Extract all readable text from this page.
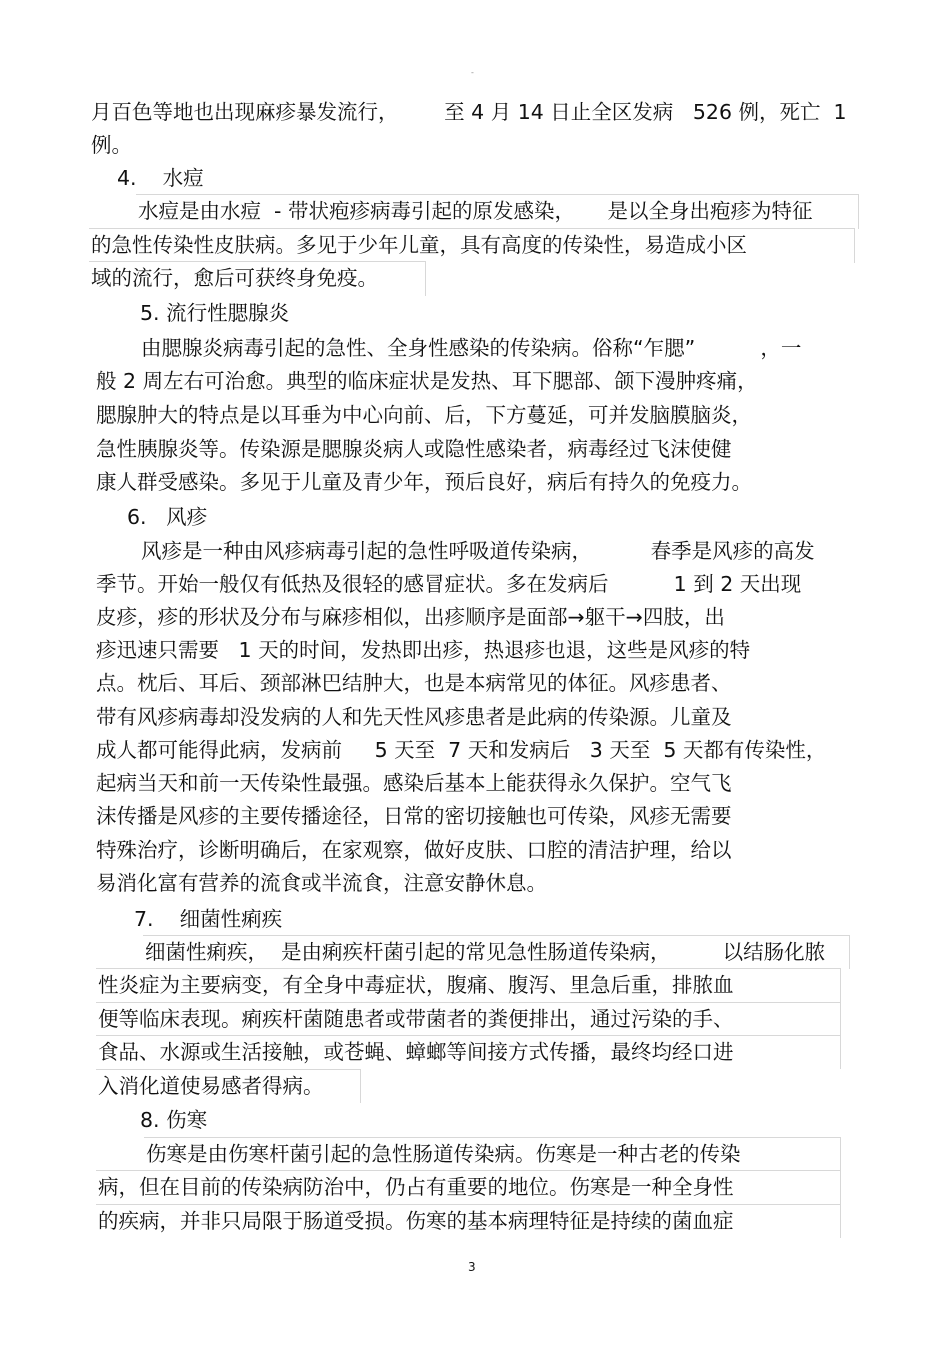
-
月百色等地也出现麻疹暴发流行，       至 4 月 14 日止全区发病   526 例，死亡  1
例。
4.    水痘
水痘是由水痘  - 带状疱疹病毒引起的原发感染，     是以全身出疱疹为特征
的急性传染性皮肤病。多见于少年儿童，具有高度的传染性，易造成小区
域的流行，愈后可获终身免疫。
5. 流行性腮腺炎
由腮腺炎病毒引起的急性、全身性感染的传染病。俗称“乍腮”          ，一
般 2 周左右可治愈。典型的临床症状是发热、耳下腮部、颌下漫肿疼痛，
腮腺肿大的特点是以耳垂为中心向前、后，下方蔓延，可并发脑膜脑炎，
急性胰腺炎等。传染源是腮腺炎病人或隐性感染者，病毒经过飞沫使健
康人群受感染。多见于儿童及青少年，预后良好，病后有持久的免疫力。
6.   风疹
风疹是一种由风疹病毒引起的急性呼吸道传染病，         春季是风疹的高发
季节。开始一般仅有低热及很轻的感冒症状。多在发病后          1 到 2 天出现
皮疹，疹的形状及分布与麻疹相似，出疹顺序是面部→躯干→四肢，出
疹迅速只需要   1 天的时间，发热即出疹，热退疹也退，这些是风疹的特
点。枕后、耳后、颈部淋巴结肿大，也是本病常见的体征。风疹患者、
带有风疹病毒却没发病的人和先天性风疹患者是此病的传染源。儿童及
成人都可能得此病，发病前     5 天至  7 天和发病后   3 天至  5 天都有传染性，
起病当天和前一天传染性最强。感染后基本上能获得永久保护。空气飞
沫传播是风疹的主要传播途径，日常的密切接触也可传染，风疹无需要
特殊治疗，诊断明确后，在家观察，做好皮肤、口腔的清洁护理，给以
易消化富有营养的流食或半流食，注意安静休息。
7.    细菌性痢疾
细菌性痢疾，  是由痢疾杆菌引起的常见急性肠道传染病，        以结肠化脓
性炎症为主要病变，有全身中毒症状，腹痛、腹泻、里急后重，排脓血
便等临床表现。痢疾杆菌随患者或带菌者的粪便排出，通过污染的手、
食品、水源或生活接触，或苍蝇、蟑螂等间接方式传播，最终均经口进
入消化道使易感者得病。
8. 伤寒
伤寒是由伤寒杆菌引起的急性肠道传染病。伤寒是一种古老的传染
病，但在目前的传染病防治中，仍占有重要的地位。伤寒是一种全身性
的疾病，并非只局限于肠道受损。伤寒的基本病理特征是持续的菌血症
3
